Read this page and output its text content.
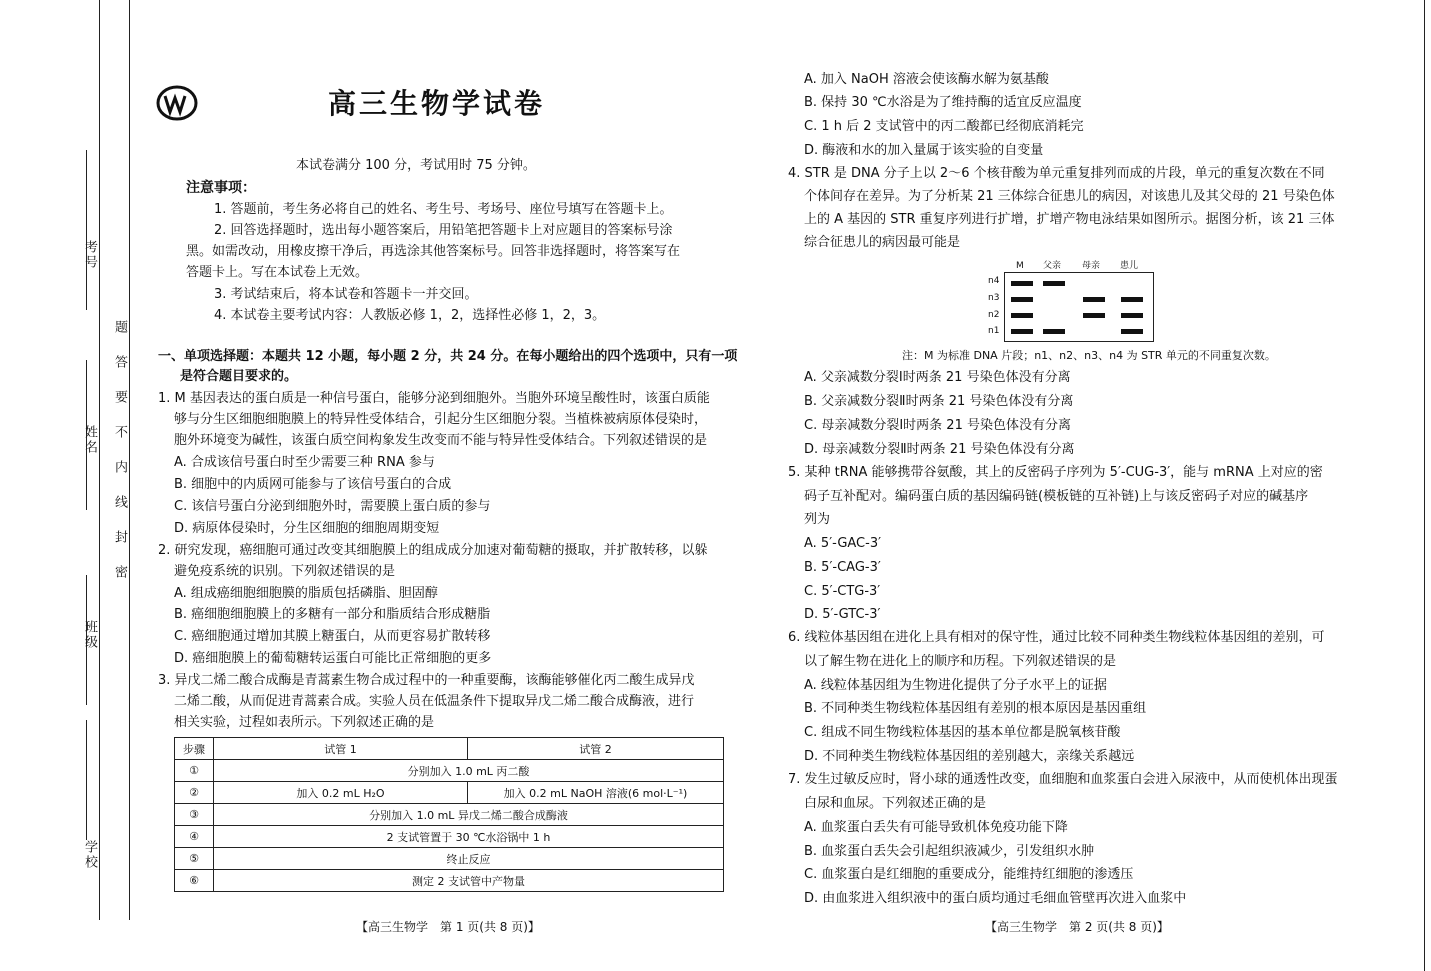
考号
姓名
班级
学校
题答要不内线封密
高三生物学试卷
本试卷满分 100 分，考试用时 75 分钟。
注意事项：
1. 答题前，考生务必将自己的姓名、考生号、考场号、座位号填写在答题卡上。
2. 回答选择题时，选出每小题答案后，用铅笔把答题卡上对应题目的答案标号涂
黑。如需改动，用橡皮擦干净后，再选涂其他答案标号。回答非选择题时，将答案写在
答题卡上。写在本试卷上无效。
3. 考试结束后，将本试卷和答题卡一并交回。
4. 本试卷主要考试内容：人教版必修 1，2，选择性必修 1，2，3。
一、单项选择题：本题共 12 小题，每小题 2 分，共 24 分。在每小题给出的四个选项中，只有一项
是符合题目要求的。
1. M 基因表达的蛋白质是一种信号蛋白，能够分泌到细胞外。当胞外环境呈酸性时，该蛋白质能
够与分生区细胞细胞膜上的特异性受体结合，引起分生区细胞分裂。当植株被病原体侵染时，
胞外环境变为碱性，该蛋白质空间构象发生改变而不能与特异性受体结合。下列叙述错误的是
A. 合成该信号蛋白时至少需要三种 RNA 参与
B. 细胞中的内质网可能参与了该信号蛋白的合成
C. 该信号蛋白分泌到细胞外时，需要膜上蛋白质的参与
D. 病原体侵染时，分生区细胞的细胞周期变短
2. 研究发现，癌细胞可通过改变其细胞膜上的组成成分加速对葡萄糖的摄取，并扩散转移，以躲
避免疫系统的识别。下列叙述错误的是
A. 组成癌细胞细胞膜的脂质包括磷脂、胆固醇
B. 癌细胞细胞膜上的多糖有一部分和脂质结合形成糖脂
C. 癌细胞通过增加其膜上糖蛋白，从而更容易扩散转移
D. 癌细胞膜上的葡萄糖转运蛋白可能比正常细胞的更多
3. 异戊二烯二酸合成酶是青蒿素生物合成过程中的一种重要酶，该酶能够催化丙二酸生成异戊
二烯二酸，从而促进青蒿素合成。实验人员在低温条件下提取异戊二烯二酸合成酶液，进行
相关实验，过程如表所示。下列叙述正确的是
步骤	试管 1	试管 2
①	分别加入 1.0 mL 丙二酸	
②	加入 0.2 mL H₂O	加入 0.2 mL NaOH 溶液(6 mol·L⁻¹)
③	分别加入 1.0 mL 异戊二烯二酸合成酶液	
④	2 支试管置于 30 ℃水浴锅中 1 h	
⑤	终止反应	
⑥	测定 2 支试管中产物量	
【高三生物学　第 1 页(共 8 页)】
A. 加入 NaOH 溶液会使该酶水解为氨基酸
B. 保持 30 ℃水浴是为了维持酶的适宜反应温度
C. 1 h 后 2 支试管中的丙二酸都已经彻底消耗完
D. 酶液和水的加入量属于该实验的自变量
4. STR 是 DNA 分子上以 2～6 个核苷酸为单元重复排列而成的片段，单元的重复次数在不同
个体间存在差异。为了分析某 21 三体综合征患儿的病因，对该患儿及其父母的 21 号染色体
上的 A 基因的 STR 重复序列进行扩增，扩增产物电泳结果如图所示。据图分析，该 21 三体
综合征患儿的病因最可能是
M 父亲 母亲 患儿
n4
n3
n2
n1
注：M 为标准 DNA 片段；n1、n2、n3、n4 为 STR 单元的不同重复次数。
A. 父亲减数分裂Ⅰ时两条 21 号染色体没有分离
B. 父亲减数分裂Ⅱ时两条 21 号染色体没有分离
C. 母亲减数分裂Ⅰ时两条 21 号染色体没有分离
D. 母亲减数分裂Ⅱ时两条 21 号染色体没有分离
5. 某种 tRNA 能够携带谷氨酸，其上的反密码子序列为 5′-CUG-3′，能与 mRNA 上对应的密
码子互补配对。编码蛋白质的基因编码链(模板链的互补链)上与该反密码子对应的碱基序
列为
A. 5′-GAC-3′
B. 5′-CAG-3′
C. 5′-CTG-3′
D. 5′-GTC-3′
6. 线粒体基因组在进化上具有相对的保守性，通过比较不同种类生物线粒体基因组的差别，可
以了解生物在进化上的顺序和历程。下列叙述错误的是
A. 线粒体基因组为生物进化提供了分子水平上的证据
B. 不同种类生物线粒体基因组有差别的根本原因是基因重组
C. 组成不同生物线粒体基因的基本单位都是脱氧核苷酸
D. 不同种类生物线粒体基因组的差别越大，亲缘关系越远
7. 发生过敏反应时，肾小球的通透性改变，血细胞和血浆蛋白会进入尿液中，从而使机体出现蛋
白尿和血尿。下列叙述正确的是
A. 血浆蛋白丢失有可能导致机体免疫功能下降
B. 血浆蛋白丢失会引起组织液减少，引发组织水肿
C. 血浆蛋白是红细胞的重要成分，能维持红细胞的渗透压
D. 由血浆进入组织液中的蛋白质均通过毛细血管壁再次进入血浆中
【高三生物学　第 2 页(共 8 页)】
